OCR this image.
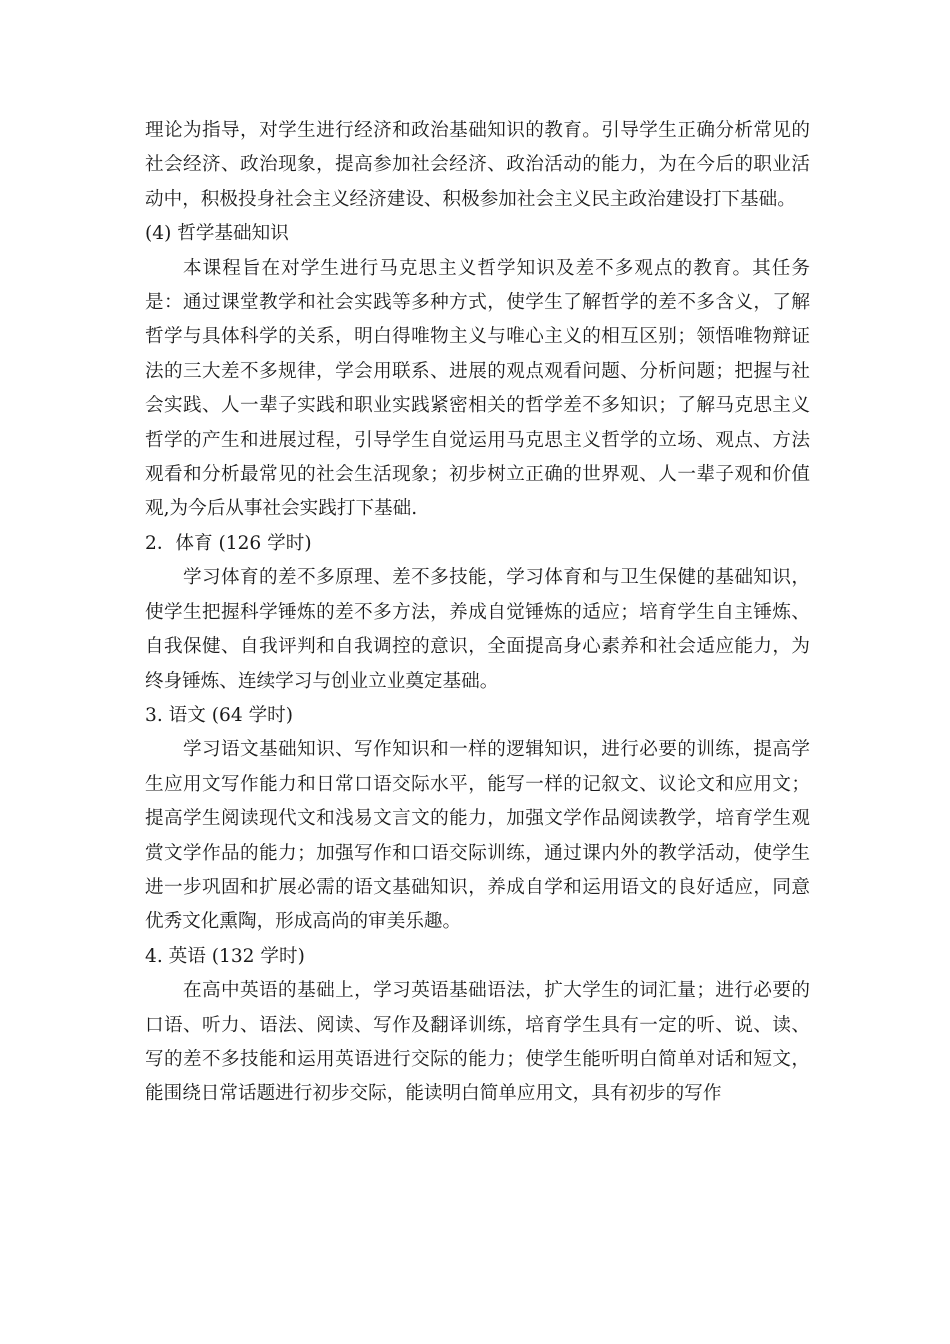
理论为指导，对学生进行经济和政治基础知识的教育。引导学生正确分析常见的社会经济、政治现象，提高参加社会经济、政治活动的能力，为在今后的职业活动中，积极投身社会主义经济建设、积极参加社会主义民主政治建设打下基础。

(4) 哲学基础知识

本课程旨在对学生进行马克思主义哲学知识及差不多观点的教育。其任务是：通过课堂教学和社会实践等多种方式，使学生了解哲学的差不多含义，了解哲学与具体科学的关系，明白得唯物主义与唯心主义的相互区别；领悟唯物辩证法的三大差不多规律，学会用联系、进展的观点观看问题、分析问题；把握与社会实践、人一辈子实践和职业实践紧密相关的哲学差不多知识；了解马克思主义哲学的产生和进展过程，引导学生自觉运用马克思主义哲学的立场、观点、方法观看和分析最常见的社会生活现象；初步树立正确的世界观、人一辈子观和价值观,为今后从事社会实践打下基础.

2．体育 (126 学时)

学习体育的差不多原理、差不多技能，学习体育和与卫生保健的基础知识，使学生把握科学锤炼的差不多方法，养成自觉锤炼的适应；培育学生自主锤炼、 自我保健、自我评判和自我调控的意识，全面提高身心素养和社会适应能力，为终身锤炼、连续学习与创业立业奠定基础。

3. 语文 (64 学时)

学习语文基础知识、写作知识和一样的逻辑知识，进行必要的训练，提高学生应用文写作能力和日常口语交际水平，能写一样的记叙文、议论文和应用文；提高学生阅读现代文和浅易文言文的能力，加强文学作品阅读教学，培育学生观赏文学作品的能力；加强写作和口语交际训练，通过课内外的教学活动，使学生进一步巩固和扩展必需的语文基础知识，养成自学和运用语文的良好适应，同意优秀文化熏陶，形成高尚的审美乐趣。

4. 英语 (132 学时)

在高中英语的基础上，学习英语基础语法，扩大学生的词汇量；进行必要的口语、听力、语法、阅读、写作及翻译训练，培育学生具有一定的听、说、读、写的差不多技能和运用英语进行交际的能力；使学生能听明白简单对话和短文，能围绕日常话题进行初步交际，能读明白简单应用文，具有初步的写作
